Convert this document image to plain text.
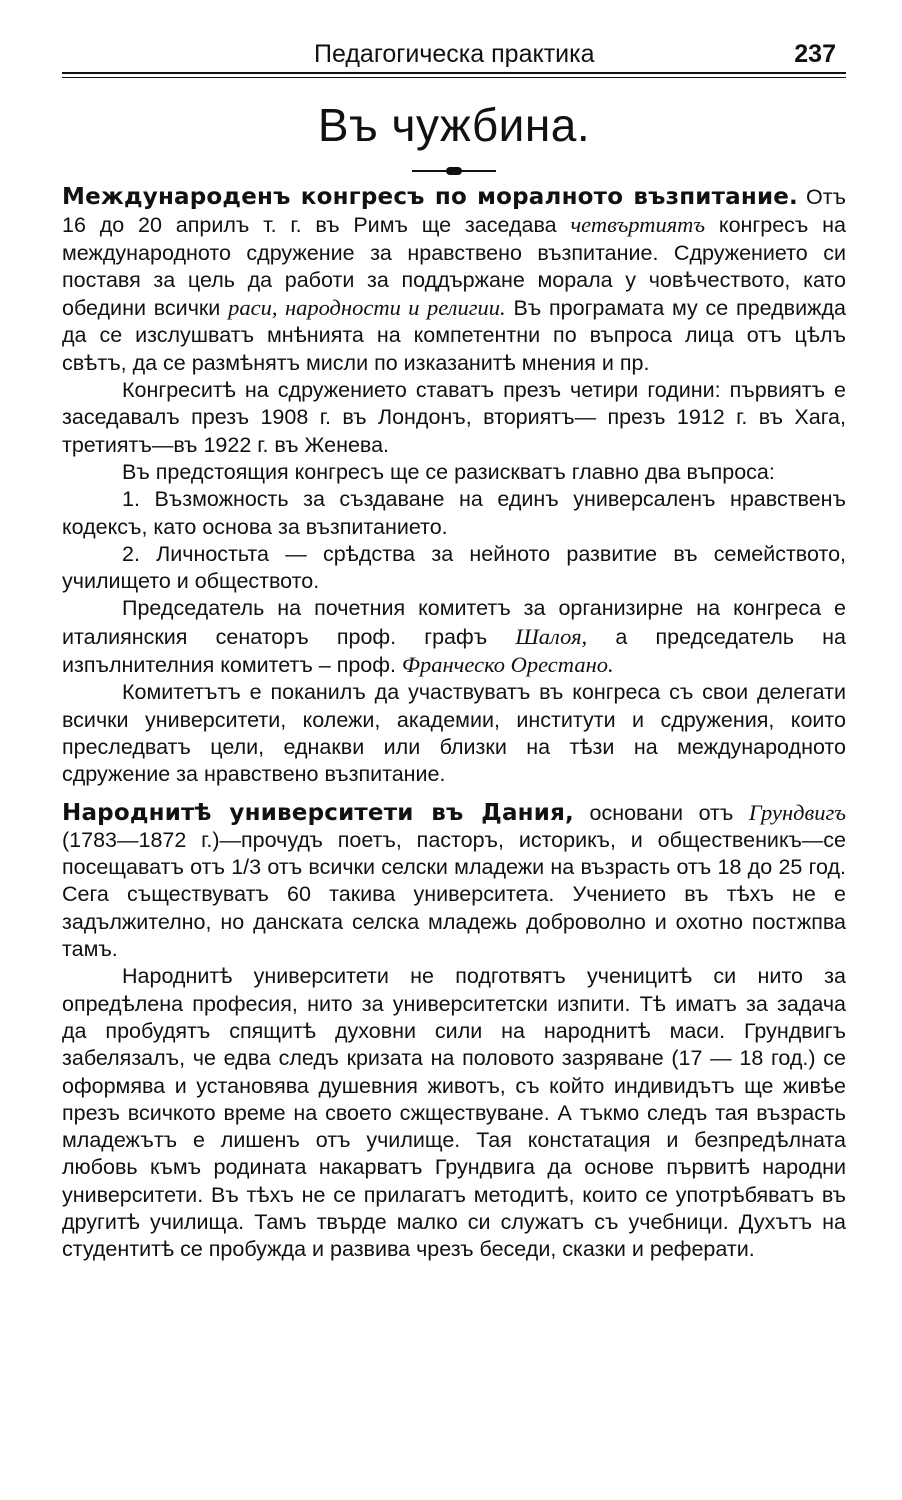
Педагогическа практика	237
Въ чужбина.

Международенъ конгресъ по моралното възпитание. Отъ 16 до 20 априлъ т. г. въ Римъ ще заседава четвъртиятъ конгресъ на международното сдружение за нравствено възпитание. Сдружението си поставя за цель да работи за поддържане морала у човѣчеството, като обедини всички раси, народности и религии. Въ програмата му се предвижда да се изслушватъ мнѣнията на компетентни по въпроса лица отъ цѣлъ свѣтъ, да се размѣнятъ мисли по изказанитѣ мнения и пр.

Конгреситѣ на сдружението ставатъ презъ четири години: първиятъ е заседавалъ презъ 1908 г. въ Лондонъ, вториятъ— презъ 1912 г. въ Хага, третиятъ—въ 1922 г. въ Женева.

Въ предстоящия конгресъ ще се разискватъ главно два въпроса:

1. Възможность за създаване на единъ универсаленъ нравственъ кодексъ, като основа за възпитанието.

2. Личностьта — срѣдства за нейното развитие въ семейството, училището и обществото.

Председатель на почетния комитетъ за организирне на конгреса е италиянския сенаторъ проф. графъ Шалоя, а председатель на изпълнителния комитетъ – проф. Франческо Орестано.

Комитетътъ е поканилъ да участвуватъ въ конгреса съ свои делегати всички университети, колежи, академии, институти и сдружения, които преследватъ цели, еднакви или близки на тѣзи на международното сдружение за нравствено възпитание.

Народнитѣ университети въ Дания, основани отъ Грундвигъ (1783—1872 г.)—прочудъ поетъ, пасторъ, историкъ, и общественикъ—се посещаватъ отъ 1/3 отъ всички селски младежи на възрасть отъ 18 до 25 год. Сега съществуватъ 60 такива университета. Учението въ тѣхъ не е задължително, но данската селска младежь доброволно и охотно постжпва тамъ.

Народнитѣ университети не подготвятъ ученицитѣ си нито за опредѣлена професия, нито за университетски изпити. Тѣ иматъ за задача да пробудятъ спящитѣ духовни сили на народнитѣ маси. Грундвигъ забелязалъ, че едва следъ кризата на половото зазряване (17 — 18 год.) се оформява и установява душевния животъ, съ който индивидътъ ще живѣе презъ всичкото време на своето сжществуване. А тъкмо следъ тая възрасть младежътъ е лишенъ отъ училище. Тая констатация и безпредѣлната любовь къмъ родината накарватъ Грундвига да основе първитѣ народни университети. Въ тѣхъ не се прилагатъ методитѣ, които се употрѣбяватъ въ другитѣ училища. Тамъ твърде малко си служатъ съ учебници. Духътъ на студентитѣ се пробужда и развива чрезъ беседи, сказки и реферати.
